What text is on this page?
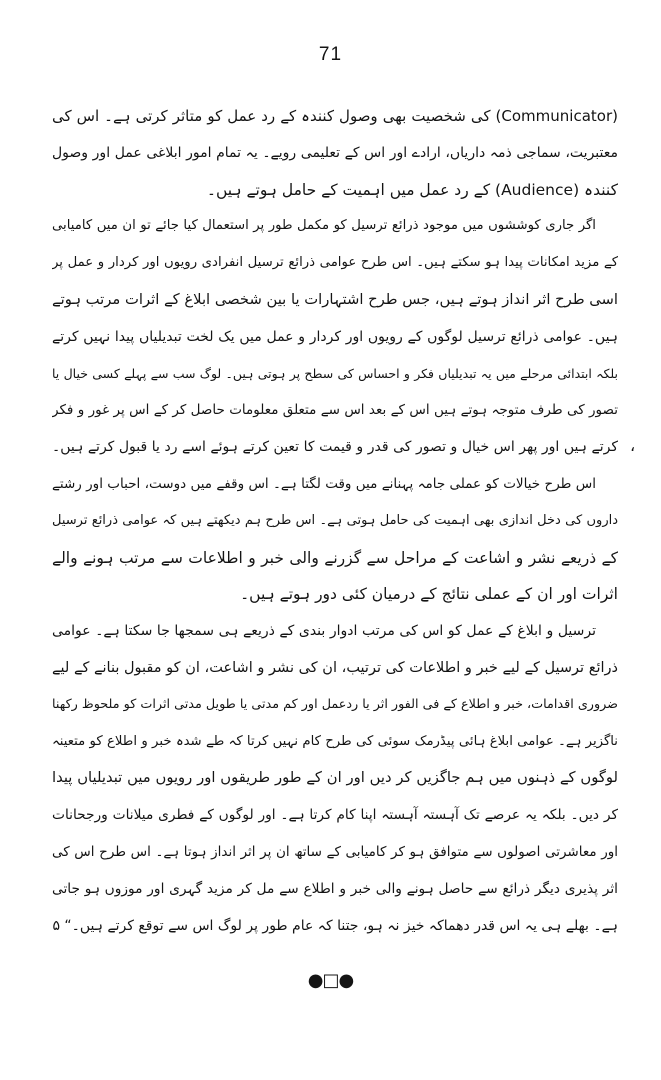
71
(Communicator) کی شخصیت بھی وصول کنندہ کے رد عمل کو متاثر کرتی ہے۔ اس کی
معتبریت، سماجی ذمہ داریاں، ارادے اور اس کے تعلیمی رویے۔ یہ تمام امور ابلاغی عمل اور وصول
کنندہ (Audience) کے رد عمل میں اہمیت کے حامل ہوتے ہیں۔
اگر جاری کوششوں میں موجود ذرائع ترسیل کو مکمل طور پر استعمال کیا جائے تو ان میں کامیابی
کے مزید امکانات پیدا ہو سکتے ہیں۔ اس طرح عوامی ذرائع ترسیل انفرادی رویوں اور کردار و عمل پر
اسی طرح اثر انداز ہوتے ہیں، جس طرح اشتہارات یا بین شخصی ابلاغ کے اثرات مرتب ہوتے
ہیں۔ عوامی ذرائع ترسیل لوگوں کے رویوں اور کردار و عمل میں یک لخت تبدیلیاں پیدا نہیں کرتے
بلکہ ابتدائی مرحلے میں یہ تبدیلیاں فکر و احساس کی سطح پر ہوتی ہیں۔ لوگ سب سے پہلے کسی خیال یا
تصور کی طرف متوجہ ہوتے ہیں اس کے بعد اس سے متعلق معلومات حاصل کر کے اس پر غور و فکر
کرتے ہیں اور پھر اس خیال و تصور کی قدر و قیمت کا تعین کرتے ہوئے اسے رد یا قبول کرتے ہیں۔
اس طرح خیالات کو عملی جامہ پہنانے میں وقت لگتا ہے۔ اس وقفے میں دوست، احباب اور رشتے
داروں کی دخل اندازی بھی اہمیت کی حامل ہوتی ہے۔ اس طرح ہم دیکھتے ہیں کہ عوامی ذرائع ترسیل
کے ذریعے نشر و اشاعت کے مراحل سے گزرنے والی خبر و اطلاعات سے مرتب ہونے والے
اثرات اور ان کے عملی نتائج کے درمیان کئی دور ہوتے ہیں۔
ترسیل و ابلاغ کے عمل کو اس کی مرتب ادوار بندی کے ذریعے ہی سمجھا جا سکتا ہے۔ عوامی
ذرائع ترسیل کے لیے خبر و اطلاعات کی ترتیب، ان کی نشر و اشاعت، ان کو مقبول بنانے کے لیے
ضروری اقدامات، خبر و اطلاع کے فی الفور اثر یا ردعمل اور کم مدتی یا طویل مدتی اثرات کو ملحوظ رکھنا
ناگزیر ہے۔ عوامی ابلاغ ہائی پیڈرمک سوئی کی طرح کام نہیں کرتا کہ طے شدہ خبر و اطلاع کو متعینہ
لوگوں کے ذہنوں میں ہم جاگزیں کر دیں اور ان کے طور طریقوں اور رویوں میں تبدیلیاں پیدا
کر دیں۔ بلکہ یہ عرصے تک آہستہ آہستہ اپنا کام کرتا ہے۔ اور لوگوں کے فطری میلانات ورجحانات
اور معاشرتی اصولوں سے متوافق ہو کر کامیابی کے ساتھ ان پر اثر انداز ہوتا ہے۔ اس طرح اس کی
اثر پذیری دیگر ذرائع سے حاصل ہونے والی خبر و اطلاع سے مل کر مزید گہری اور موزوں ہو جاتی
ہے۔ بھلے ہی یہ اس قدر دھماکہ خیز نہ ہو، جتنا کہ عام طور پر لوگ اس سے توقع کرتے ہیں۔“ ۵
،
●□●
